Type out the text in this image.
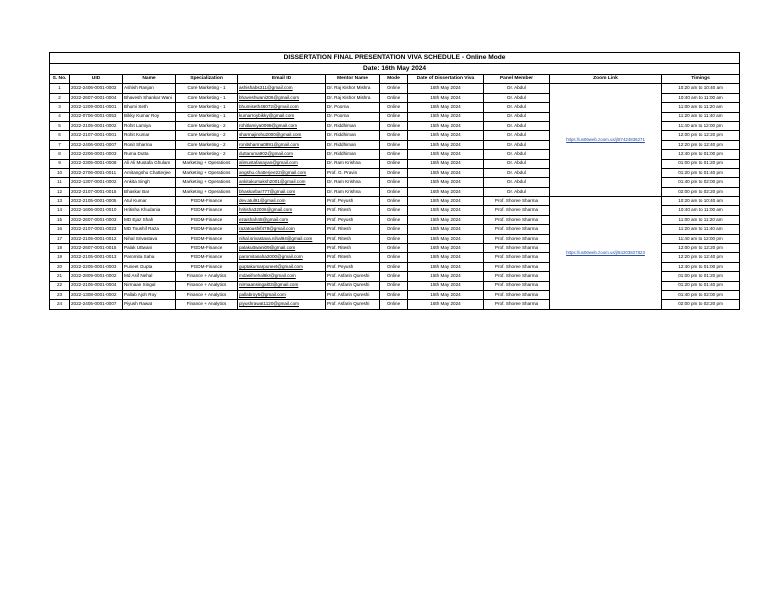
DISSERTATION FINAL PRESENTATION VIVA SCHEDULE - Online Mode										
Date: 16th May 2024										
S. No.	UID	Name	Specialization	Email ID	Mentor Name	Mode	Date of Dissertation Viva	Panel Member	Zoom Link	Timings
1	2022-2406-0001-0002	Ashish Ranjan	Core Marketing - 1	ashishabs311@gmail.com	Dr. Raj Kishor Mishra	Online	15th May 2024	Dr. Abdul	https://us06web.zoom.us/j/87424836271	10:20 am to 10:40 am
2	2022-2607-0001-0004	Bhavesh Shankar Wani	Core Marketing - 1	bhaveshwani206@gmail.com	Dr. Raj Kishor Mishra	Online	15th May 2024	Dr. Abdul		10:40 am to 11:00 am
3	2022-1209-0001-0001	Bhumi Seth	Core Marketing - 1	bhumiseth46072@gmail.com	Dr. Poorna	Online	15th May 2024	Dr. Abdul		11:00 am to 11:20 am
4	2022-0706-0001-0053	Bikky Kumar Roy	Core Marketing - 1	kumarroybikky@gmail.com	Dr. Poorna	Online	15th May 2024	Dr. Abdul		11:20 am to 11:40 am
5	2022-2105-0001-0002	Rohit Lamiya	Core Marketing - 2	rohitlamiya0098@gmail.com	Dr. Riddhiman	Online	15th May 2024	Dr. Abdul		11:40 am to 12:00 pm
6	2022-2107-0001-0001	Rohit Kumar	Core Marketing - 2	sharmajirohu2000@gmail.com	Dr. Riddhiman	Online	15th May 2024	Dr. Abdul		12:00 pm to 12:20 pm
7	2022-2406-0001-0007	Ronit Sharma	Core Marketing - 2	ronitsharma0891@gmail.com	Dr. Riddhiman	Online	15th May 2024	Dr. Abdul		12:20 pm to 12:40 pm
8	2022-2206-0001-0003	Ruma Dutta	Core Marketing - 2	duttaruma902@gmail.com	Dr. Riddhiman	Online	15th May 2024	Dr. Abdul		12:40 pm to 01:00 pm
9	2022-2305-0001-0008	Ali Ali Mustafa Ghulam	Marketing + Operations	alimustafasayan@gmail.com	Dr. Ram Krishna	Online	15th May 2024	Dr. Abdul		01:00 pm to 01:20 pm
10	2022-2706-0001-0011	Amitangshu Chatterjee	Marketing + Operations	angshu.chatterjee22@gmail.com	Prof. G. Pravin	Online	15th May 2024	Dr. Abdul		01:20 pm to 01:40 pm
11	2022-1307-0001-0002	Ankita Singh	Marketing + Operations	ankitakumaksh2001@gmail.com	Dr. Ram Krishna	Online	15th May 2024	Dr. Abdul		01:40 pm to 02:00 pm
12	2022-2107-0001-0015	Bhaskar Bar	Marketing + Operations	bhaskarbar777@gmail.com	Dr. Ram Krishna	Online	15th May 2024	Dr. Abdul		02:00 pm to 02:20 pm
13	2022-2105-0001-0005	Atul Kumar	PGDM-Finance	dev.atul91@gmail.com	Prof. Peyush	Online	15th May 2024	Prof. Shoree Sharma	https://us06web.zoom.us/j/84203827823	10:20 am to 10:40 am
14	2022-1606-0001-0010	Hritisha Khudania	PGDM-Finance	hritisha32006@gmail.com	Prof. Ritesh	Online	15th May 2024	Prof. Shoree Sharma		10:40 am to 11:00 am
15	2022-2607-0001-0003	MD Ejaz Shah	PGDM-Finance	ezaishah48@gmail.com	Prof. Peyush	Online	15th May 2024	Prof. Shoree Sharma		11:00 am to 11:20 am
16	2022-2107-0001-0023	MD Toushif Raza	PGDM-Finance	razatoushif478@gmail.com	Prof. Ritesh	Online	15th May 2024	Prof. Shoree Sharma		11:20 am to 11:40 am
17	2022-2105-0001-0012	Nihal Srivastava	PGDM-Finance	nihal.srivastava.nihal94@gmail.com	Prof. Ritesh	Online	15th May 2024	Prof. Shoree Sharma		11:40 am to 12:00 pm
18	2022-2607-0001-0015	Palak Uttwani	PGDM-Finance	palakuttwani09@gmail.com	Prof. Ritesh	Online	15th May 2024	Prof. Shoree Sharma		12:00 pm to 12:20 pm
19	2022-2105-0001-0013	Paromita Saha	PGDM-Finance	paromitasaha2000@gmail.com	Prof. Ritesh	Online	15th May 2024	Prof. Shoree Sharma		12:20 pm to 12:40 pm
20	2022-2205-0001-0003	Puneet Gupta	PGDM-Finance	guptakumarpuneet@gmail.com	Prof. Peyush	Online	15th May 2024	Prof. Shoree Sharma		12:40 pm to 01:00 pm
21	2022-2809-0001-0002	Md Asif Nehal	Finance + Analytics	mdasifnehal6kr@gmail.com	Prof. Asfarin Qureshi	Online	15th May 2024	Prof. Shoree Sharma		01:00 pm to 01:20 pm
22	2022-2105-0001-0004	Nirmaan Singal	Finance + Analytics	nirmaansingal03@gmail.com	Prof. Asfarin Qureshi	Online	15th May 2024	Prof. Shoree Sharma		01:20 pm to 01:40 pm
23	2022-1308-0001-0002	Pallab Ajoh Roy	Finance + Analytics	pallabroy5@gmail.com	Prof. Asfarin Qureshi	Online	15th May 2024	Prof. Shoree Sharma		01:40 pm to 02:00 pm
24	2022-2405-0001-0007	Piyush Rawat	Finance + Analytics	piyushrawat1120@gmail.com	Prof. Asfarin Qureshi	Online	15th May 2024	Prof. Shoree Sharma		02:00 pm to 02:20 pm
